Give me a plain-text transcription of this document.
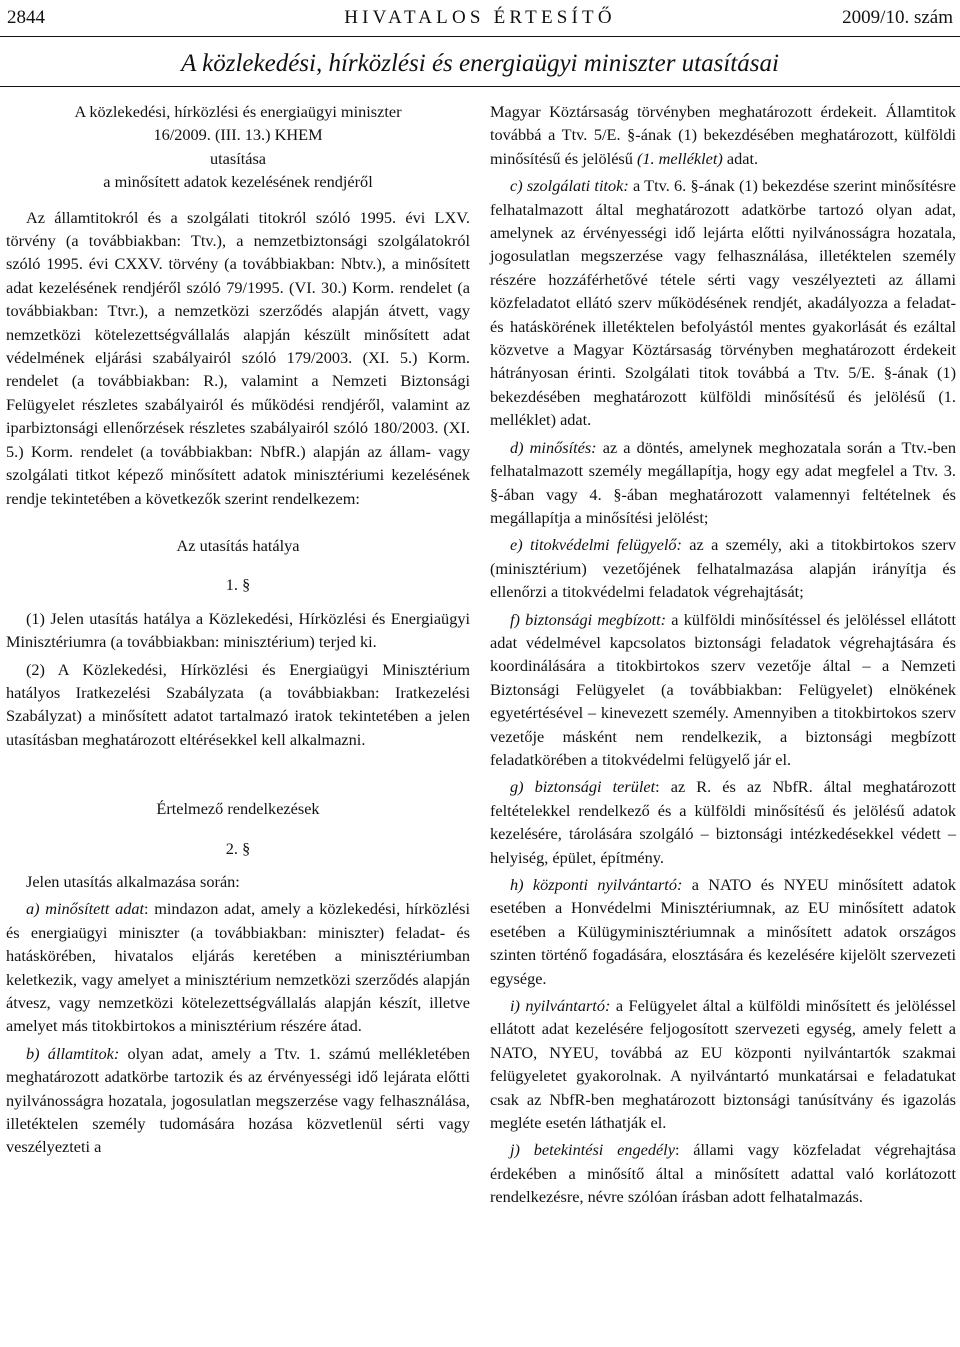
2844	HIVATALOS ÉRTESÍTŐ	2009/10. szám
A közlekedési, hírközlési és energiaügyi miniszter utasításai
A közlekedési, hírközlési és energiaügyi miniszter
16/2009. (III. 13.) KHEM
utasítása
a minősített adatok kezelésének rendjéről

Az államtitokról és a szolgálati titokról szóló 1995. évi LXV. törvény (a továbbiakban: Ttv.), a nemzetbiztonsági szolgálatokról szóló 1995. évi CXXV. törvény (a továbbiakban: Nbtv.), a minősített adat kezelésének rendjéről szóló 79/1995. (VI. 30.) Korm. rendelet (a továbbiakban: Ttvr.), a nemzetközi szerződés alapján átvett, vagy nemzetközi kötelezettségvállalás alapján készült minősített adat védelmének eljárási szabályairól szóló 179/2003. (XI. 5.) Korm. rendelet (a továbbiakban: R.), valamint a Nemzeti Biztonsági Felügyelet részletes szabályairól és működési rendjéről, valamint az iparbiztonsági ellenőrzések részletes szabályairól szóló 180/2003. (XI. 5.) Korm. rendelet (a továbbiakban: NbfR.) alapján az állam- vagy szolgálati titkot képező minősített adatok minisztériumi kezelésének rendje tekintetében a következők szerint rendelkezem:

Az utasítás hatálya

1. §

(1) Jelen utasítás hatálya a Közlekedési, Hírközlési és Energiaügyi Minisztériumra (a továbbiakban: minisztérium) terjed ki.

(2) A Közlekedési, Hírközlési és Energiaügyi Minisztérium hatályos Iratkezelési Szabályzata (a továbbiakban: Iratkezelési Szabályzat) a minősített adatot tartalmazó iratok tekintetében a jelen utasításban meghatározott eltérésekkel kell alkalmazni.

Értelmező rendelkezések

2. §

Jelen utasítás alkalmazása során:

a) minősített adat: mindazon adat, amely a közlekedési, hírközlési és energiaügyi miniszter (a továbbiakban: miniszter) feladat- és hatáskörében, hivatalos eljárás keretében a minisztériumban keletkezik, vagy amelyet a minisztérium nemzetközi szerződés alapján átvesz, vagy nemzetközi kötelezettségvállalás alapján készít, illetve amelyet más titokbirtokos a minisztérium részére átad.

b) államtitok: olyan adat, amely a Ttv. 1. számú mellékletében meghatározott adatkörbe tartozik és az érvényességi idő lejárata előtti nyilvánosságra hozatala, jogosulatlan megszerzése vagy felhasználása, illetéktelen személy tudomására hozása közvetlenül sérti vagy veszélyezteti a

Magyar Köztársaság törvényben meghatározott érdekeit. Államtitok továbbá a Ttv. 5/E. §-ának (1) bekezdésében meghatározott, külföldi minősítésű és jelölésű (1. melléklet) adat.

c) szolgálati titok: a Ttv. 6. §-ának (1) bekezdése szerint minősítésre felhatalmazott által meghatározott adatkörbe tartozó olyan adat, amelynek az érvényességi idő lejárta előtti nyilvánosságra hozatala, jogosulatlan megszerzése vagy felhasználása, illetéktelen személy részére hozzáférhetővé tétele sérti vagy veszélyezteti az állami közfeladatot ellátó szerv működésének rendjét, akadályozza a feladat- és hatáskörének illetéktelen befolyástól mentes gyakorlását és ezáltal közvetve a Magyar Köztársaság törvényben meghatározott érdekeit hátrányosan érinti. Szolgálati titok továbbá a Ttv. 5/E. §-ának (1) bekezdésében meghatározott külföldi minősítésű és jelölésű (1. melléklet) adat.

d) minősítés: az a döntés, amelynek meghozatala során a Ttv.-ben felhatalmazott személy megállapítja, hogy egy adat megfelel a Ttv. 3. §-ában vagy 4. §-ában meghatározott valamennyi feltételnek és megállapítja a minősítési jelölést;

e) titokvédelmi felügyelő: az a személy, aki a titokbirtokos szerv (minisztérium) vezetőjének felhatalmazása alapján irányítja és ellenőrzi a titokvédelmi feladatok végrehajtását;

f) biztonsági megbízott: a külföldi minősítéssel és jelöléssel ellátott adat védelmével kapcsolatos biztonsági feladatok végrehajtására és koordinálására a titokbirtokos szerv vezetője által – a Nemzeti Biztonsági Felügyelet (a továbbiakban: Felügyelet) elnökének egyetértésével – kinevezett személy. Amennyiben a titokbirtokos szerv vezetője másként nem rendelkezik, a biztonsági megbízott feladatkörében a titokvédelmi felügyelő jár el.

g) biztonsági terület: az R. és az NbfR. által meghatározott feltételekkel rendelkező és a külföldi minősítésű és jelölésű adatok kezelésére, tárolására szolgáló – biztonsági intézkedésekkel védett – helyiség, épület, építmény.

h) központi nyilvántartó: a NATO és NYEU minősített adatok esetében a Honvédelmi Minisztériumnak, az EU minősített adatok esetében a Külügyminisztériumnak a minősített adatok országos szinten történő fogadására, elosztására és kezelésére kijelölt szervezeti egysége.

i) nyilvántartó: a Felügyelet által a külföldi minősített és jelöléssel ellátott adat kezelésére feljogosított szervezeti egység, amely felett a NATO, NYEU, továbbá az EU központi nyilvántartók szakmai felügyeletet gyakorolnak. A nyilvántartó munkatársai e feladatukat csak az NbfR-ben meghatározott biztonsági tanúsítvány és igazolás megléte esetén láthatják el.

j) betekintési engedély: állami vagy közfeladat végrehajtása érdekében a minősítő által a minősített adattal való korlátozott rendelkezésre, névre szólóan írásban adott felhatalmazás.
